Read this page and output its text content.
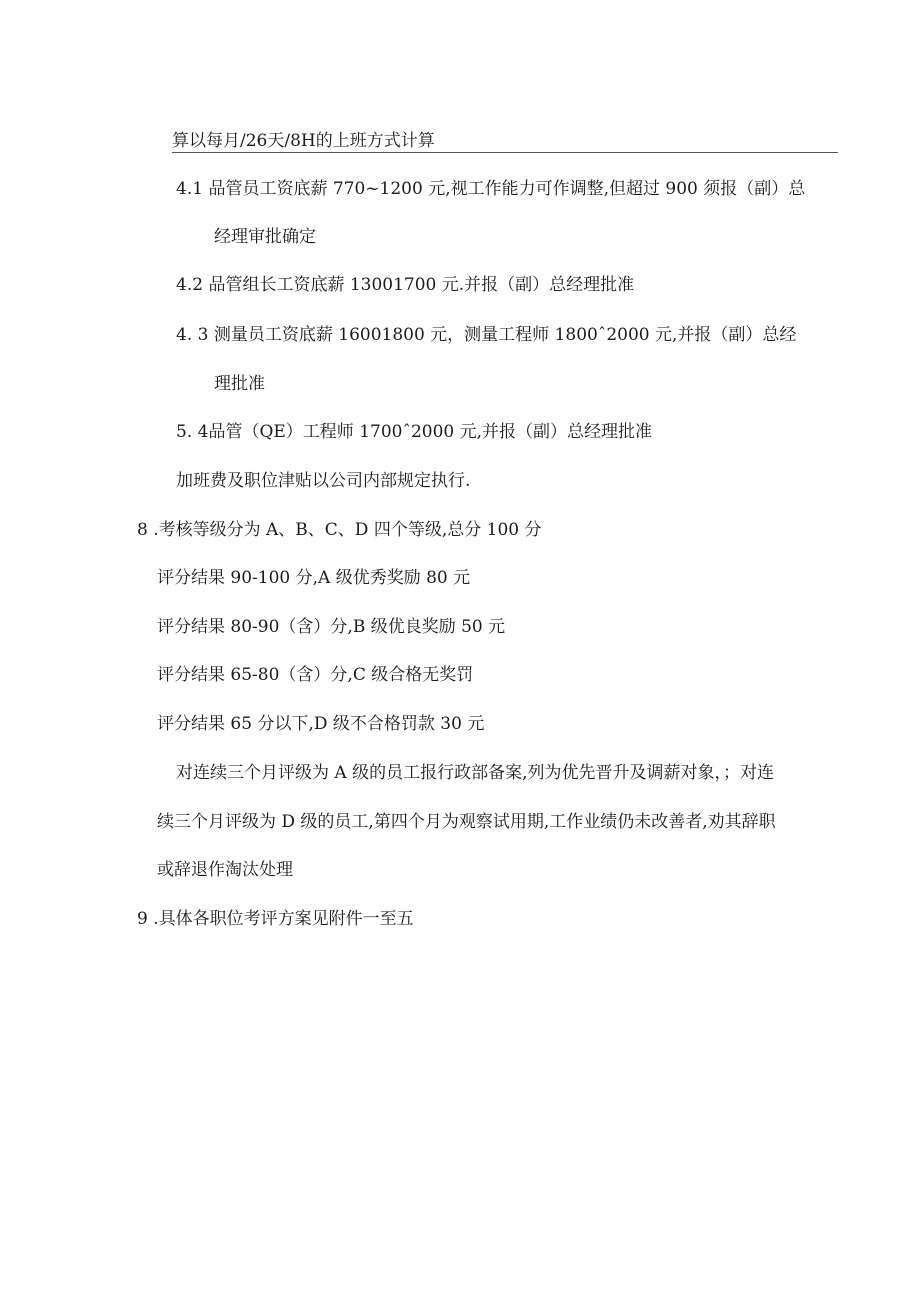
算以每月/26天/8H的上班方式计算
4.1 品管员工资底薪 770~1200 元,视工作能力可作调整,但超过 900 须报（副）总
经理审批确定
4.2 品管组长工资底薪 13001700 元.并报（副）总经理批准
4. 3 测量员工资底薪 16001800 元，测量工程师 1800ˆ2000 元,并报（副）总经
理批准
5. 4品管（QE）工程师 1700ˆ2000 元,并报（副）总经理批准
加班费及职位津贴以公司内部规定执行.
8 .考核等级分为 A、B、C、D 四个等级,总分 100 分
评分结果 90-100 分,A 级优秀奖励 80 元
评分结果 80-90（含）分,B 级优良奖励 50 元
评分结果 65-80（含）分,C 级合格无奖罚
评分结果 65 分以下,D 级不合格罚款 30 元
对连续三个月评级为 A 级的员工报行政部备案,列为优先晋升及调薪对象，；对连
续三个月评级为 D 级的员工,第四个月为观察试用期,工作业绩仍未改善者,劝其辞职
或辞退作淘汰处理
9 .具体各职位考评方案见附件一至五
